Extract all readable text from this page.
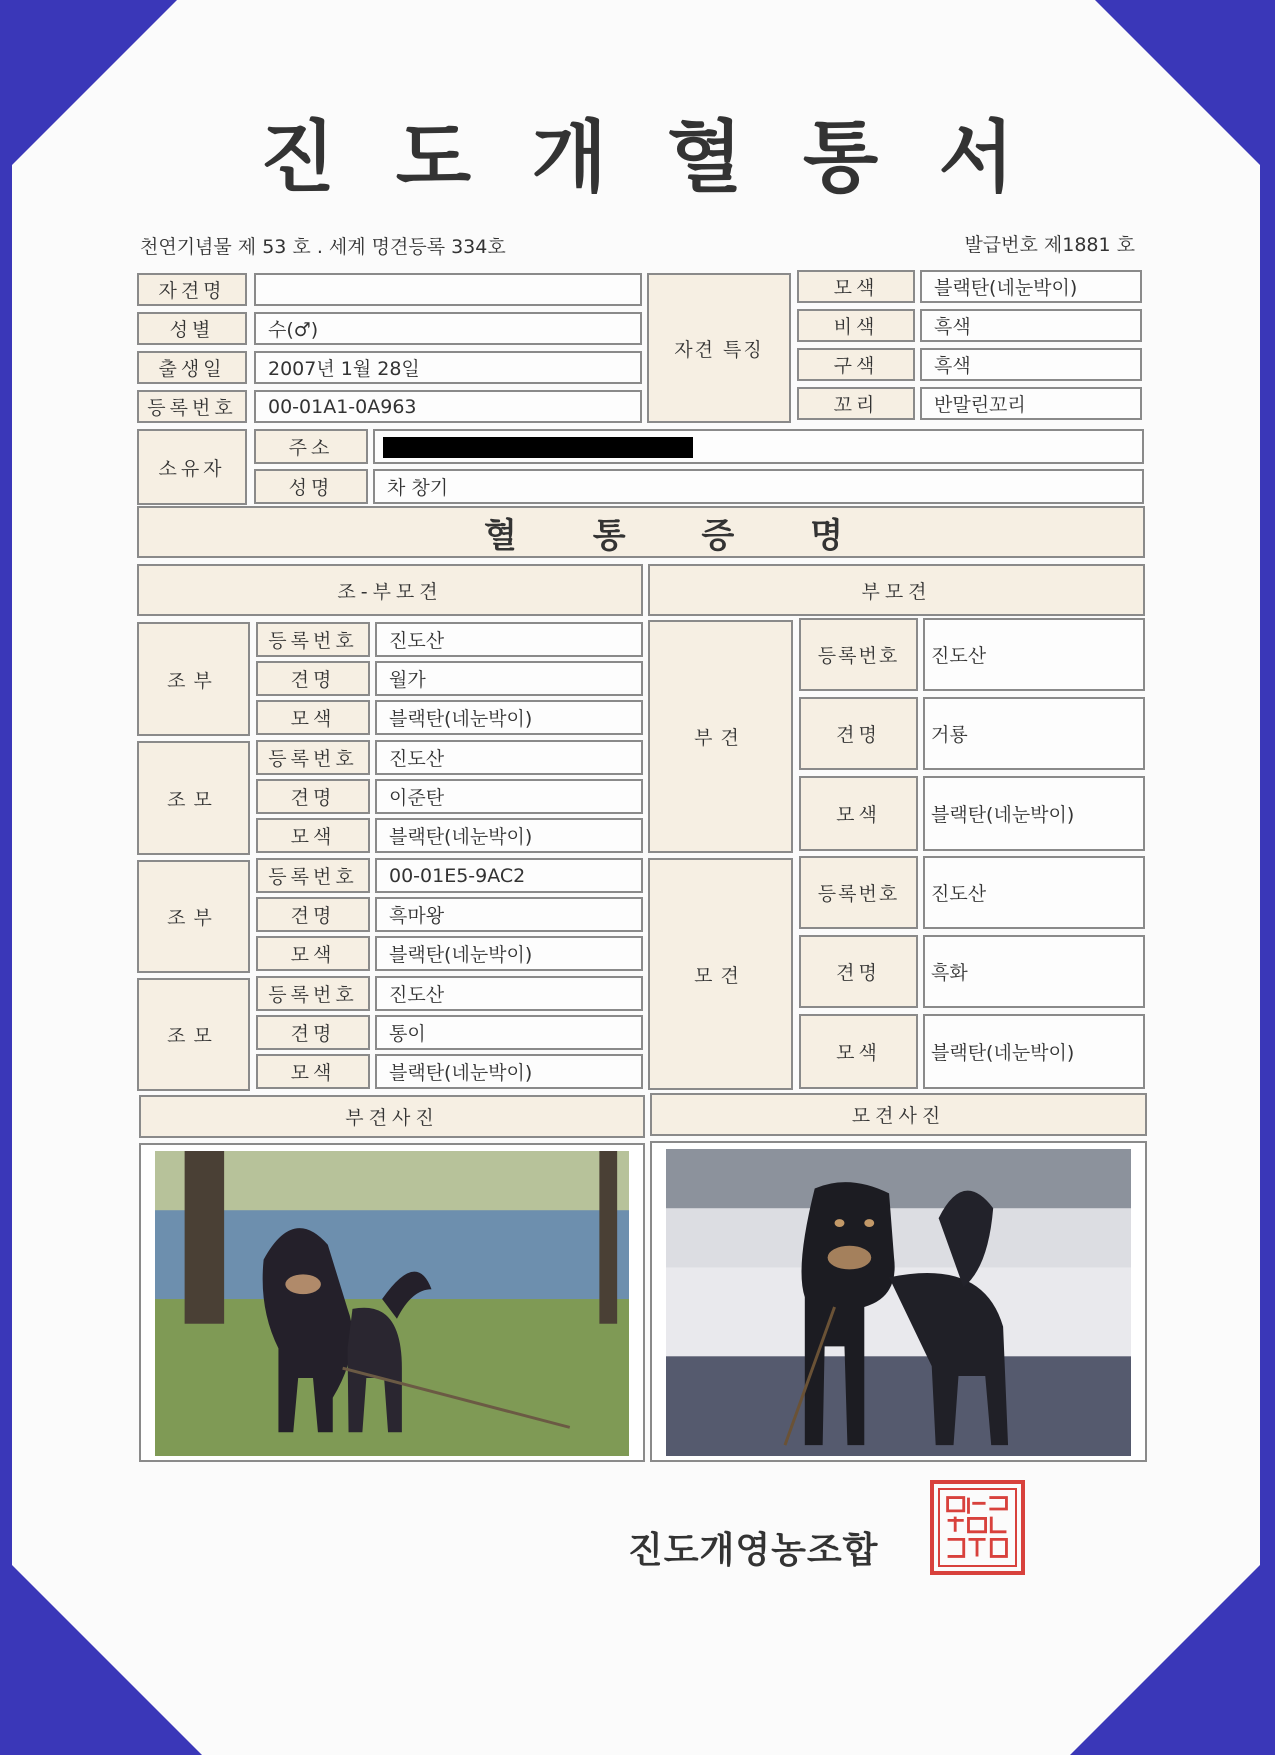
진 도 개 혈 통 서
천연기념물 제 53 호 . 세계 명견등록 334호	발급번호 제1881 호
자견명
성별	수(♂)
출생일	2007년 1월 28일
등록번호	00-01A1-0A963
자견 특징
모색	블랙탄(네눈박이)
비색	흑색
구색	흑색
꼬리	반말린꼬리
소유자
주소
성명	차 창기
혈 통 증 명
조-부모견	부모견
조부
등록번호	진도산
견명	월가
모색	블랙탄(네눈박이)
조모
등록번호	진도산
견명	이준탄
모색	블랙탄(네눈박이)
조부
등록번호	00-01E5-9AC2
견명	흑마왕
모색	블랙탄(네눈박이)
조모
등록번호	진도산
견명	통이
모색	블랙탄(네눈박이)
부견
등록번호	진도산
견명	거룡
모색	블랙탄(네눈박이)
모견
등록번호	진도산
견명	흑화
모색	블랙탄(네눈박이)
부견사진	모견사진
진도개영농조합
